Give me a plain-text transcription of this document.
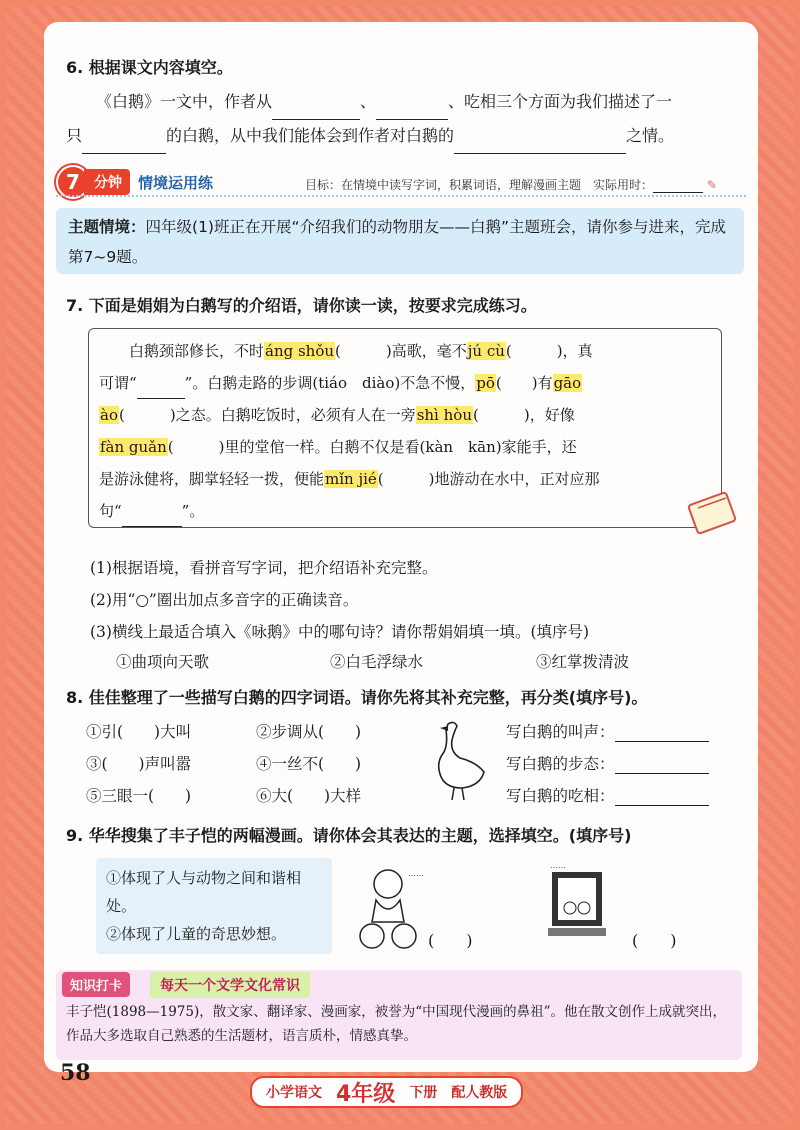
6. 根据课文内容填空。
《白鹅》一文中，作者从	、	、吃相三个方面为我们描述了一
只	的白鹅，从中我们能体会到作者对白鹅的	之情。
7	分钟	情境运用练	目标：在情境中读写字词，积累词语，理解漫画主题　实际用时：	✎
主题情境：四年级(1)班正在开展“介绍我们的动物朋友——白鹅”主题班会，请你参与进来，完成第7~9题。
7. 下面是娟娟为白鹅写的介绍语，请你读一读，按要求完成练习。
白鹅颈部修长，不时áng shǒu(　　　)高歌，毫不jú cù(　　　)，真
可谓“	”。白鹅走路的步调(tiáo　diào)不急不慢，pō(　　)有gāo
ào(　　　)之态。白鹅吃饭时，必须有人在一旁shì hòu(　　　)，好像
fàn guǎn(　　　)里的堂倌一样。白鹅不仅是看(kàn　kān)家能手，还
是游泳健将，脚掌轻轻一拨，便能mǐn jié(　　　)地游动在水中，正对应那
句“	”。
(1)根据语境，看拼音写字词，把介绍语补充完整。
(2)用“○”圈出加点多音字的正确读音。
(3)横线上最适合填入《咏鹅》中的哪句诗？请你帮娟娟填一填。(填序号)
①曲项向天歌	②白毛浮绿水	③红掌拨清波
8. 佳佳整理了一些描写白鹅的四字词语。请你先将其补充完整，再分类(填序号)。
①引(　　)大叫	②步调从(　　)
③(　　)声叫嚣	④一丝不(　　)
⑤三眼一(　　)	⑥大(　　)大样
写白鹅的叫声：
写白鹅的步态：
写白鹅的吃相：
9. 华华搜集了丰子恺的两幅漫画。请你体会其表达的主题，选择填空。(填序号)
①体现了人与动物之间和谐相处。
②体现了儿童的奇思妙想。
……
(　　)
……
(　　)
知识打卡	每天一个文学文化常识
丰子恺(1898—1975)，散文家、翻译家、漫画家，被誉为“中国现代漫画的鼻祖”。他在散文创作上成就突出，作品大多选取自己熟悉的生活题材，语言质朴，情感真挚。
58
小学语文 4年级 下册 配人教版
